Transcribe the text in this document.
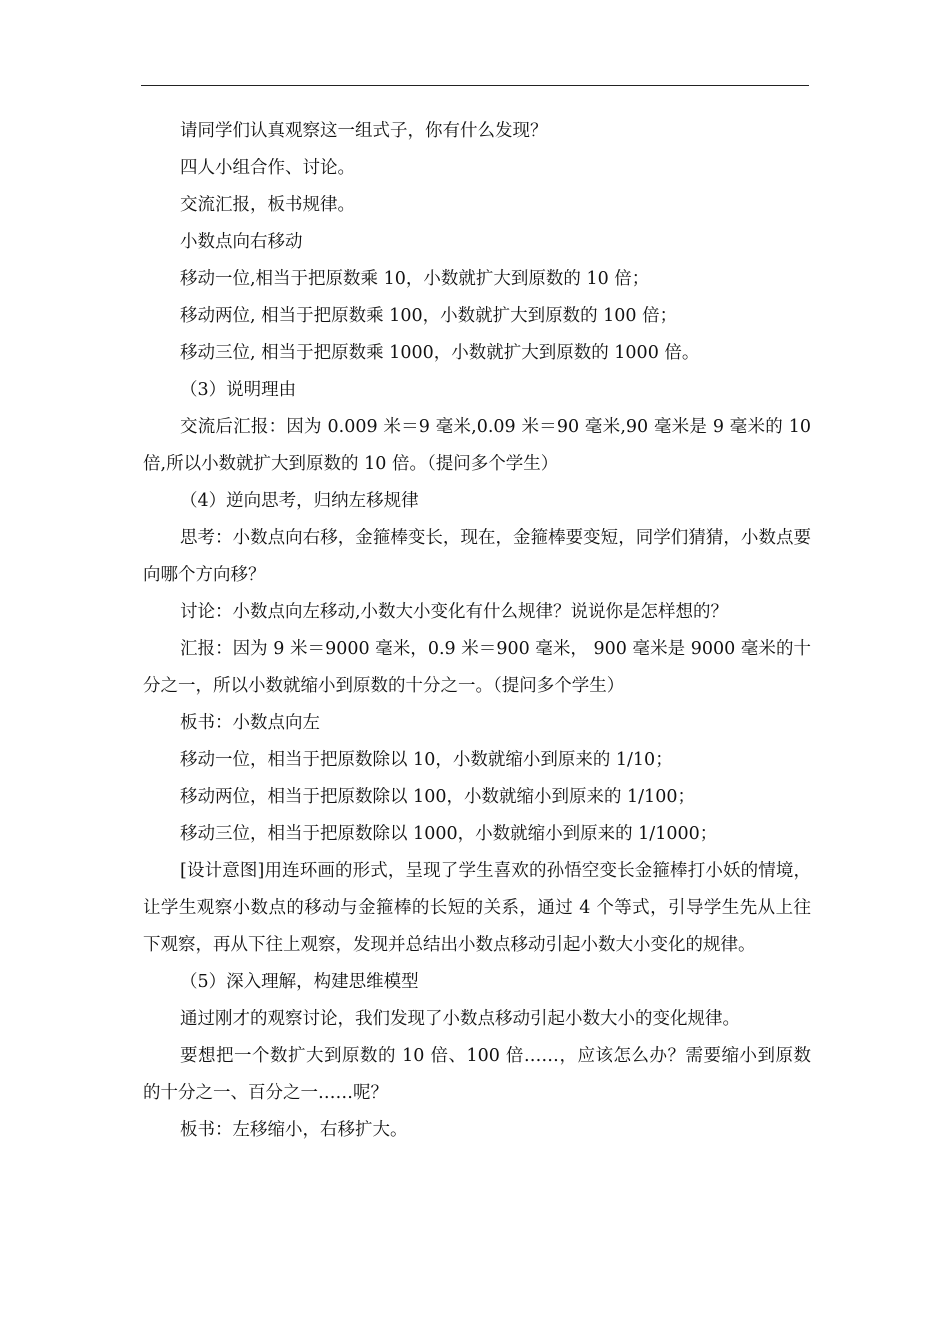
请同学们认真观察这一组式子，你有什么发现？

四人小组合作、讨论。

交流汇报，板书规律。

小数点向右移动

移动一位,相当于把原数乘 10，小数就扩大到原数的 10 倍；

移动两位, 相当于把原数乘 100，小数就扩大到原数的 100 倍；

移动三位, 相当于把原数乘 1000，小数就扩大到原数的 1000 倍。

（3）说明理由

交流后汇报：因为 0.009 米＝9 毫米,0.09 米＝90 毫米,90 毫米是 9 毫米的 10 倍,所以小数就扩大到原数的 10 倍。（提问多个学生）

（4）逆向思考，归纳左移规律

思考：小数点向右移，金箍棒变长，现在，金箍棒要变短，同学们猜猜，小数点要向哪个方向移？

讨论：小数点向左移动,小数大小变化有什么规律？说说你是怎样想的？

汇报：因为 9 米＝9000 毫米，0.9 米＝900 毫米， 900 毫米是 9000 毫米的十分之一，所以小数就缩小到原数的十分之一。（提问多个学生）

板书：小数点向左

移动一位，相当于把原数除以 10，小数就缩小到原来的 1/10；

移动两位，相当于把原数除以 100，小数就缩小到原来的 1/100；

移动三位，相当于把原数除以 1000，小数就缩小到原来的 1/1000；

[设计意图]用连环画的形式，呈现了学生喜欢的孙悟空变长金箍棒打小妖的情境，让学生观察小数点的移动与金箍棒的长短的关系，通过 4 个等式，引导学生先从上往下观察，再从下往上观察，发现并总结出小数点移动引起小数大小变化的规律。

（5）深入理解，构建思维模型

通过刚才的观察讨论，我们发现了小数点移动引起小数大小的变化规律。

要想把一个数扩大到原数的 10 倍、100 倍……，应该怎么办？需要缩小到原数的十分之一、百分之一……呢？

板书：左移缩小，右移扩大。
